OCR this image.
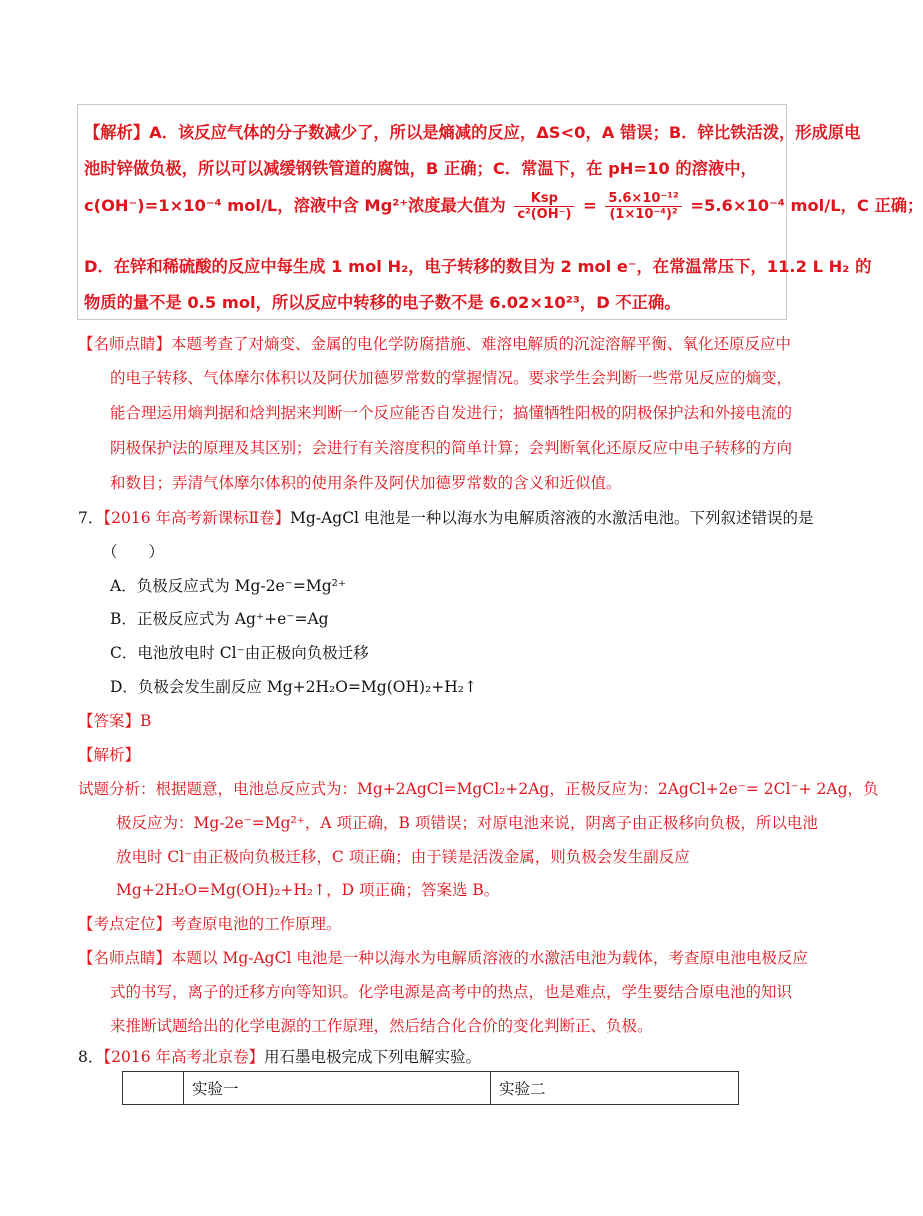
【解析】A．该反应气体的分子数减少了，所以是熵减的反应，ΔS<0，A 错误；B．锌比铁活泼，形成原电
池时锌做负极，所以可以减缓钢铁管道的腐蚀，B 正确；C．常温下，在 pH=10 的溶液中，
c(OH⁻)=1×10⁻⁴ mol/L，溶液中含 Mg²⁺浓度最大值为 $\frac{\text{Ksp}}{\text{c²(OH⁻)}} = \frac{\text{5.6×10⁻¹²}}{\text{(1×10⁻⁴)²}} =5.6\times 10^{-4}$ mol/L，C 正确；
D．在锌和稀硫酸的反应中每生成 1 mol H₂，电子转移的数目为 2 mol e⁻，在常温常压下，11.2 L H₂ 的
物质的量不是 0.5 mol，所以反应中转移的电子数不是 6.02×10²³，D 不正确。
【名师点睛】本题考查了对熵变、金属的电化学防腐措施、难溶电解质的沉淀溶解平衡、氧化还原反应中
的电子转移、气体摩尔体积以及阿伏加德罗常数的掌握情况。要求学生会判断一些常见反应的熵变，
能合理运用熵判据和焓判据来判断一个反应能否自发进行；搞懂牺牲阳极的阴极保护法和外接电流的
阴极保护法的原理及其区别；会进行有关溶度积的简单计算；会判断氧化还原反应中电子转移的方向
和数目；弄清气体摩尔体积的使用条件及阿伏加德罗常数的含义和近似值。
7．【2016 年高考新课标Ⅱ卷】Mg-AgCl 电池是一种以海水为电解质溶液的水激活电池。下列叙述错误的是
（　　）
A．负极反应式为 Mg-2e⁻=Mg²⁺
B．正极反应式为 Ag⁺+e⁻=Ag
C．电池放电时 Cl⁻由正极向负极迁移
D．负极会发生副反应 Mg+2H₂O=Mg(OH)₂+H₂↑
【答案】B
【解析】
试题分析：根据题意，电池总反应式为：Mg+2AgCl=MgCl₂+2Ag，正极反应为：2AgCl+2e⁻= 2Cl⁻+ 2Ag，负
极反应为：Mg-2e⁻=Mg²⁺，A 项正确，B 项错误；对原电池来说，阴离子由正极移向负极，所以电池
放电时 Cl⁻由正极向负极迁移，C 项正确；由于镁是活泼金属，则负极会发生副反应
Mg+2H₂O=Mg(OH)₂+H₂↑，D 项正确；答案选 B。
【考点定位】考查原电池的工作原理。
【名师点睛】本题以 Mg-AgCl 电池是一种以海水为电解质溶液的水激活电池为载体，考查原电池电极反应
式的书写，离子的迁移方向等知识。化学电源是高考中的热点，也是难点，学生要结合原电池的知识
来推断试题给出的化学电源的工作原理，然后结合化合价的变化判断正、负极。
8．【2016 年高考北京卷】用石墨电极完成下列电解实验。
	实验一	实验二
